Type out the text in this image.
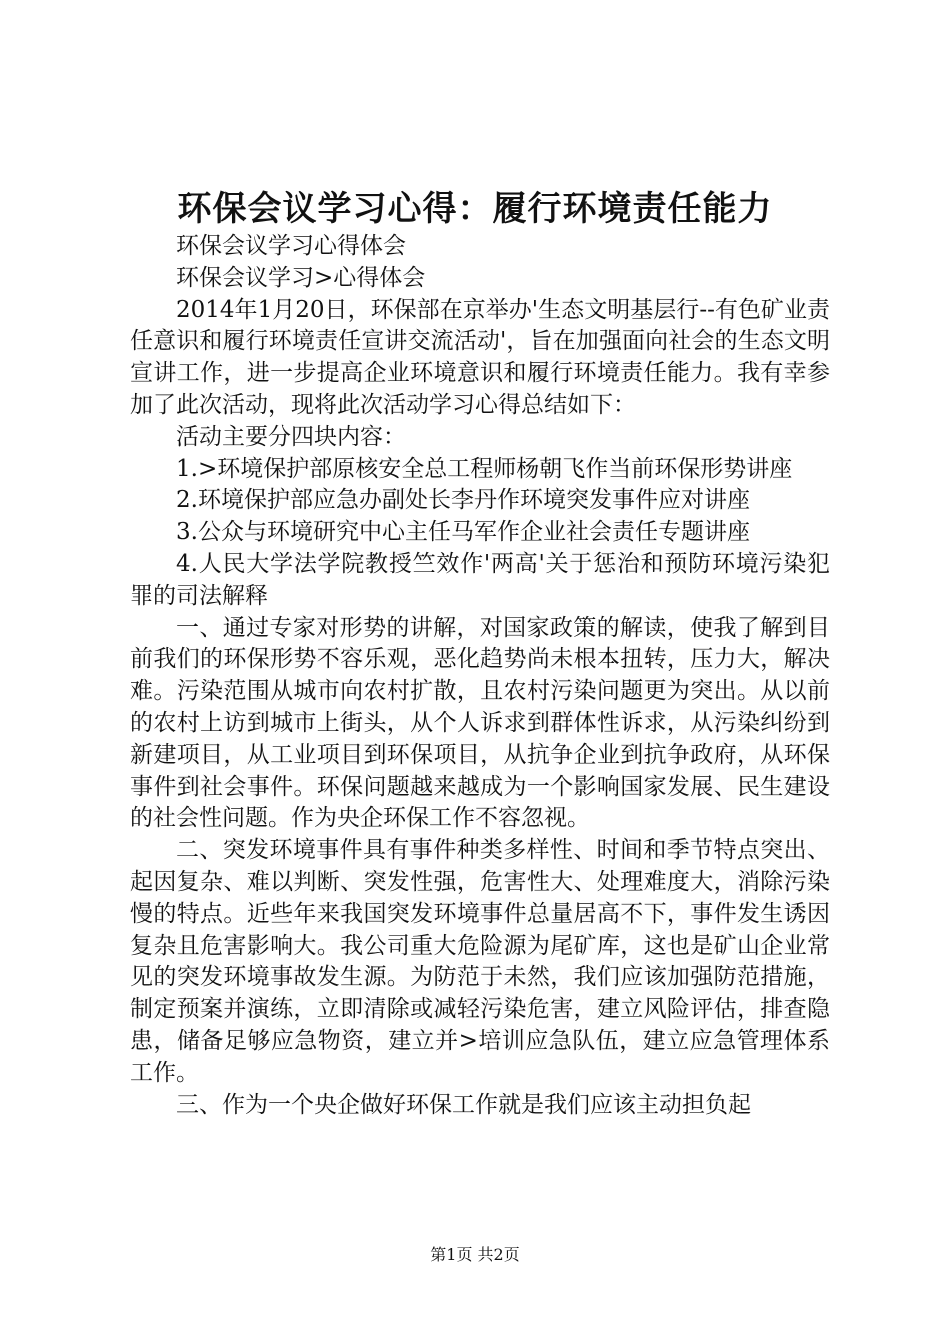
环保会议学习心得：履行环境责任能力

环保会议学习心得体会

环保会议学习>心得体会

2014年1月20日，环保部在京举办'生态文明基层行--有色矿业责任意识和履行环境责任宣讲交流活动'，旨在加强面向社会的生态文明宣讲工作，进一步提高企业环境意识和履行环境责任能力。我有幸参加了此次活动，现将此次活动学习心得总结如下：

活动主要分四块内容：

1.>环境保护部原核安全总工程师杨朝飞作当前环保形势讲座

2.环境保护部应急办副处长李丹作环境突发事件应对讲座

3.公众与环境研究中心主任马军作企业社会责任专题讲座

4.人民大学法学院教授竺效作'两高'关于惩治和预防环境污染犯罪的司法解释

一、通过专家对形势的讲解，对国家政策的解读，使我了解到目前我们的环保形势不容乐观，恶化趋势尚未根本扭转，压力大，解决难。污染范围从城市向农村扩散，且农村污染问题更为突出。从以前的农村上访到城市上街头，从个人诉求到群体性诉求，从污染纠纷到新建项目，从工业项目到环保项目，从抗争企业到抗争政府，从环保事件到社会事件。环保问题越来越成为一个影响国家发展、民生建设的社会性问题。作为央企环保工作不容忽视。

二、突发环境事件具有事件种类多样性、时间和季节特点突出、起因复杂、难以判断、突发性强，危害性大、处理难度大，消除污染慢的特点。近些年来我国突发环境事件总量居高不下，事件发生诱因复杂且危害影响大。我公司重大危险源为尾矿库，这也是矿山企业常见的突发环境事故发生源。为防范于未然，我们应该加强防范措施，制定预案并演练，立即清除或减轻污染危害，建立风险评估，排查隐患，储备足够应急物资，建立并>培训应急队伍，建立应急管理体系工作。

三、作为一个央企做好环保工作就是我们应该主动担负起

第1页 共2页
